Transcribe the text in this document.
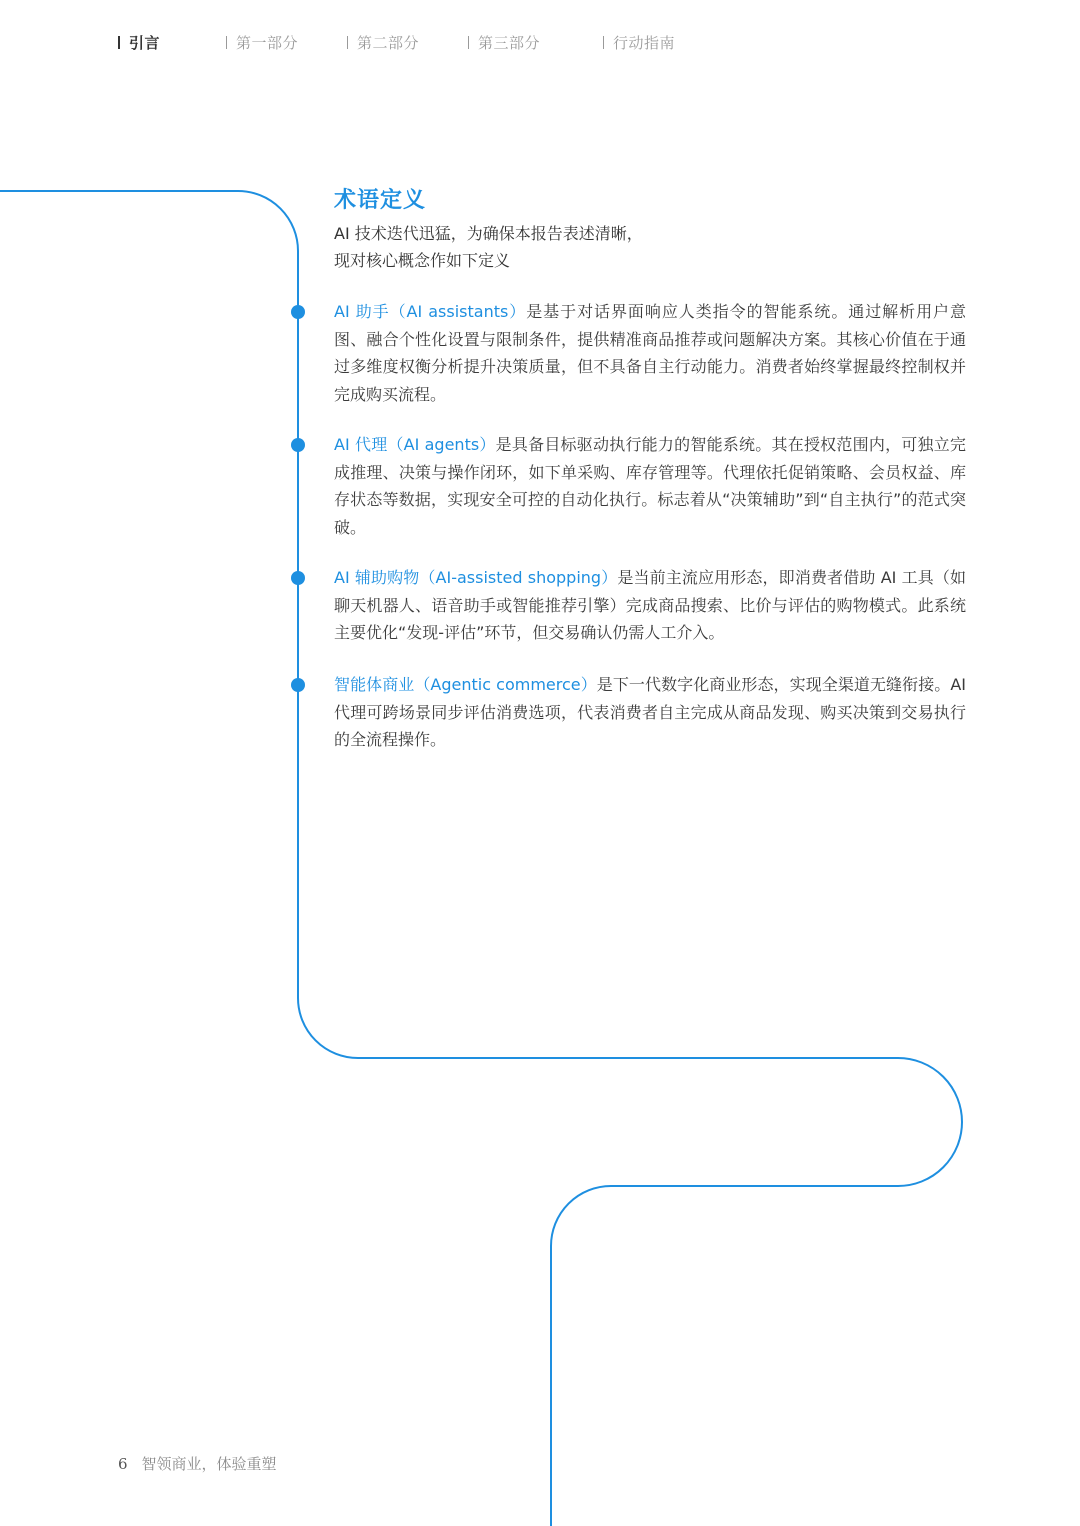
引言	第一部分	第二部分	第三部分	行动指南
术语定义
AI 技术迭代迅猛，为确保本报告表述清晰，
现对核心概念作如下定义
AI 助手（AI assistants）是基于对话界面响应人类指令的智能系统。通过解析用户意图、融合个性化设置与限制条件，提供精准商品推荐或问题解决方案。其核心价值在于通过多维度权衡分析提升决策质量，但不具备自主行动能力。消费者始终掌握最终控制权并完成购买流程。
AI 代理（AI agents）是具备目标驱动执行能力的智能系统。其在授权范围内，可独立完成推理、决策与操作闭环，如下单采购、库存管理等。代理依托促销策略、会员权益、库存状态等数据，实现安全可控的自动化执行。标志着从“决策辅助”到“自主执行”的范式突破。
AI 辅助购物（AI-assisted shopping）是当前主流应用形态，即消费者借助 AI 工具（如聊天机器人、语音助手或智能推荐引擎）完成商品搜索、比价与评估的购物模式。此系统主要优化“发现-评估”环节，但交易确认仍需人工介入。
智能体商业（Agentic commerce）是下一代数字化商业形态，实现全渠道无缝衔接。AI 代理可跨场景同步评估消费选项，代表消费者自主完成从商品发现、购买决策到交易执行的全流程操作。
6 智领商业，体验重塑
